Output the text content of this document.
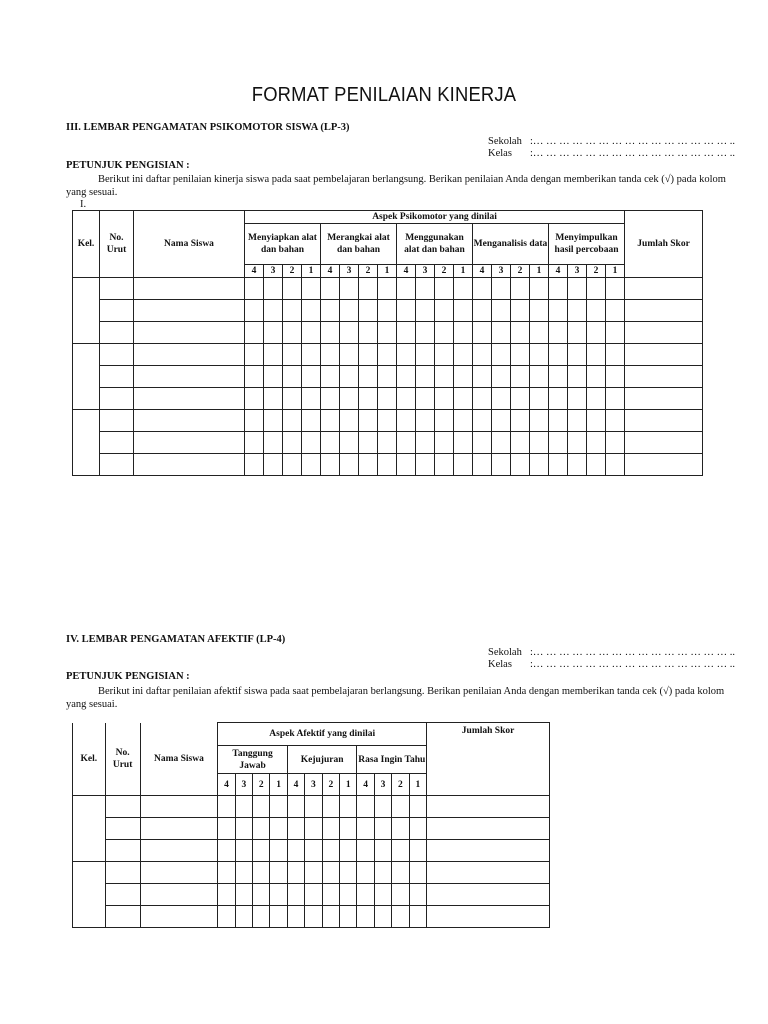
FORMAT PENILAIAN KINERJA
III. LEMBAR PENGAMATAN PSIKOMOTOR SISWA (LP-3)
Sekolah :… … … … … … … … … … … … … … … ..
Kelas :… … … … … … … … … … … … … … … ..
PETUNJUK PENGISIAN :
Berikut ini daftar penilaian kinerja siswa pada saat pembelajaran berlangsung. Berikan penilaian Anda dengan memberikan tanda cek (√) pada kolom
yang sesuai.
I.
Kel.	No. Urut	Nama Siswa	Aspek Psikomotor yang dinilai																				Jumlah Skor
			Menyiapkan alat dan bahan				Merangkai alat dan bahan				Menggunakan alat dan bahan				Menganalisis data				Menyimpulkan hasil percobaan				
			4	3	2	1	4	3	2	1	4	3	2	1	4	3	2	1	4	3	2	1	

IV. LEMBAR PENGAMATAN AFEKTIF (LP-4)
Sekolah :… … … … … … … … … … … … … … … ..
Kelas :… … … … … … … … … … … … … … … ..
PETUNJUK PENGISIAN :
Berikut ini daftar penilaian afektif siswa pada saat pembelajaran berlangsung. Berikan penilaian Anda dengan memberikan tanda cek (√) pada kolom
yang sesuai.
Kel.	No. Urut	Nama Siswa	Aspek Afektif yang dinilai												Jumlah Skor
			Tanggung Jawab				Kejujuran				Rasa Ingin Tahu				
			4	3	2	1	4	3	2	1	4	3	2	1	
